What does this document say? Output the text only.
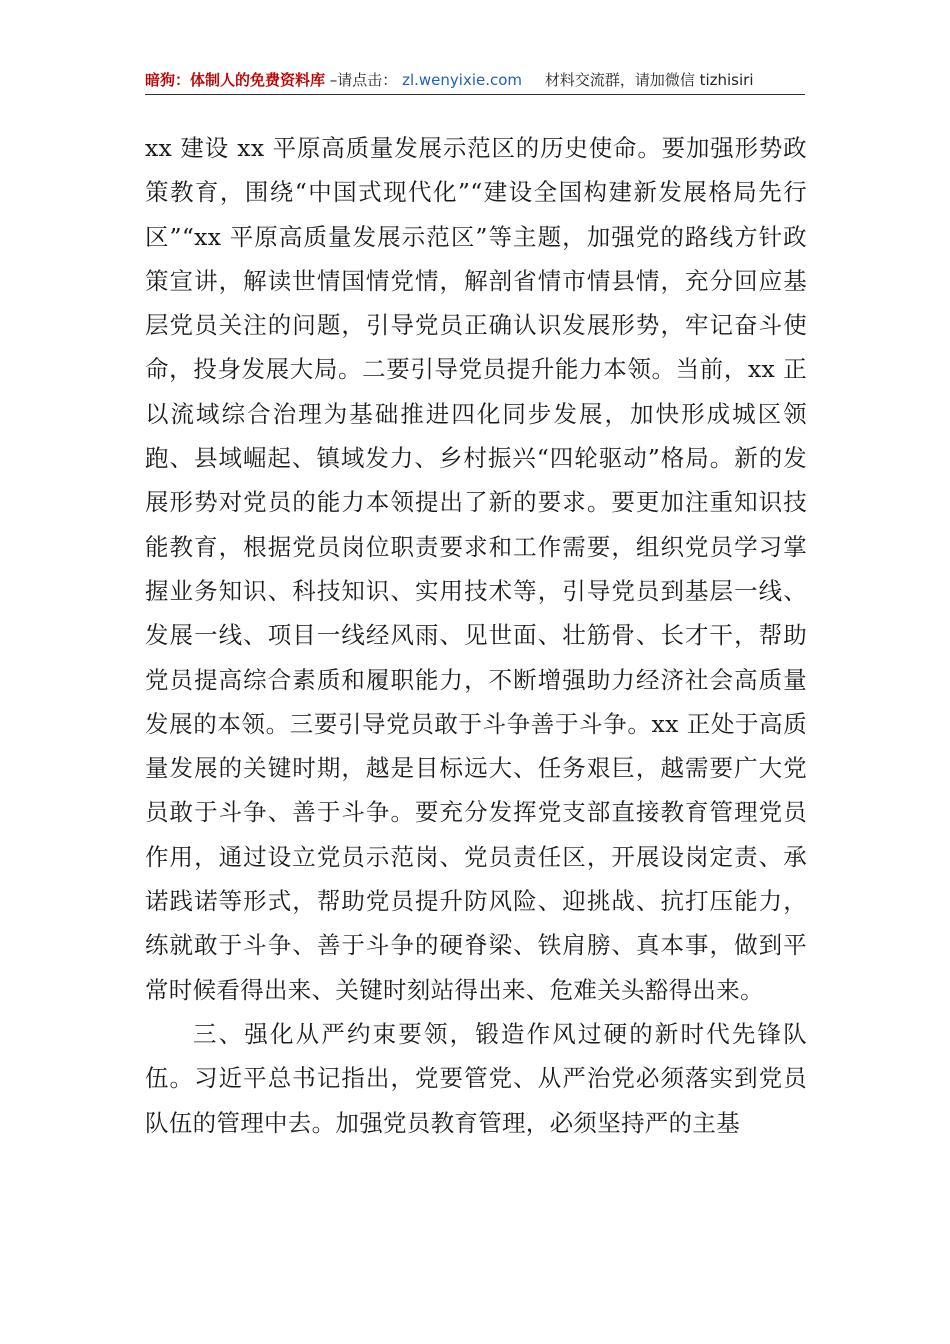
暗狗：体制人的免费资料库 –请点击： zl.wenyixie.com 材料交流群，请加微信 tizhisiri

xx 建设 xx 平原高质量发展示范区的历史使命。要加强形势政策教育，围绕“中国式现代化”“建设全国构建新发展格局先行区”“xx 平原高质量发展示范区”等主题，加强党的路线方针政策宣讲，解读世情国情党情，解剖省情市情县情，充分回应基层党员关注的问题，引导党员正确认识发展形势，牢记奋斗使命，投身发展大局。二要引导党员提升能力本领。当前，xx 正以流域综合治理为基础推进四化同步发展，加快形成城区领跑、县域崛起、镇域发力、乡村振兴“四轮驱动”格局。新的发展形势对党员的能力本领提出了新的要求。要更加注重知识技能教育，根据党员岗位职责要求和工作需要，组织党员学习掌握业务知识、科技知识、实用技术等，引导党员到基层一线、发展一线、项目一线经风雨、见世面、壮筋骨、长才干，帮助党员提高综合素质和履职能力，不断增强助力经济社会高质量发展的本领。三要引导党员敢于斗争善于斗争。xx 正处于高质量发展的关键时期，越是目标远大、任务艰巨，越需要广大党员敢于斗争、善于斗争。要充分发挥党支部直接教育管理党员作用，通过设立党员示范岗、党员责任区，开展设岗定责、承诺践诺等形式，帮助党员提升防风险、迎挑战、抗打压能力，练就敢于斗争、善于斗争的硬脊梁、铁肩膀、真本事，做到平常时候看得出来、关键时刻站得出来、危难关头豁得出来。

三、强化从严约束要领，锻造作风过硬的新时代先锋队伍。习近平总书记指出，党要管党、从严治党必须落实到党员队伍的管理中去。加强党员教育管理，必须坚持严的主基
